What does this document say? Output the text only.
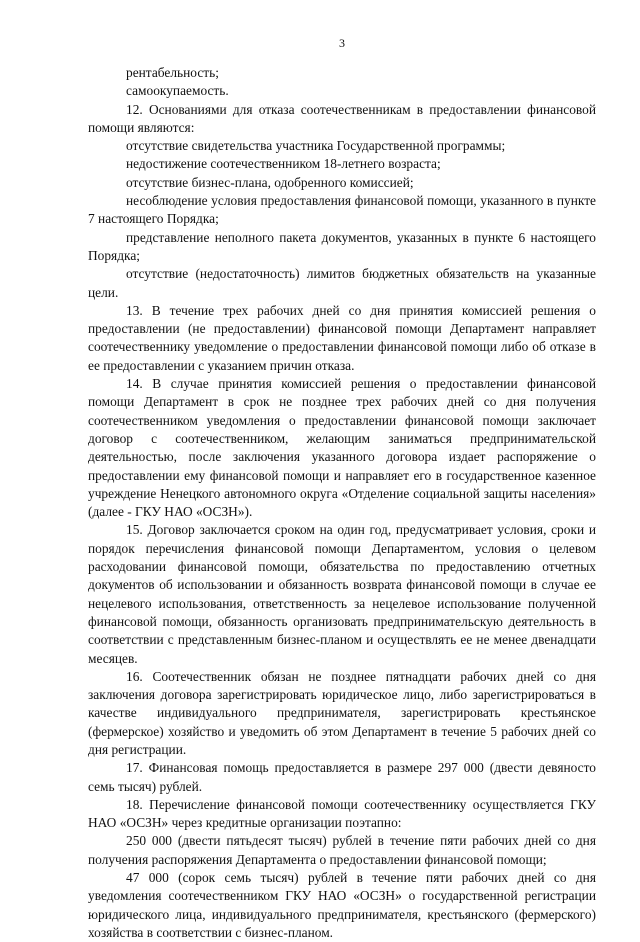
3

рентабельность;

самоокупаемость.

12. Основаниями для отказа соотечественникам в предоставлении финансовой помощи являются:

отсутствие свидетельства участника Государственной программы;

недостижение соотечественником 18-летнего возраста;

отсутствие бизнес-плана, одобренного комиссией;

несоблюдение условия предоставления финансовой помощи, указанного в пункте 7 настоящего Порядка;

представление неполного пакета документов, указанных в пункте 6 настоящего Порядка;

отсутствие (недостаточность) лимитов бюджетных обязательств на указанные цели.

13. В течение трех рабочих дней со дня принятия комиссией решения о предоставлении (не предоставлении) финансовой помощи Департамент направляет соотечественнику уведомление о предоставлении финансовой помощи либо об отказе в ее предоставлении с указанием причин отказа.

14. В случае принятия комиссией решения о предоставлении финансовой помощи Департамент в срок не позднее трех рабочих дней со дня получения соотечественником уведомления о предоставлении финансовой помощи заключает договор с соотечественником, желающим заниматься предпринимательской деятельностью, после заключения указанного договора издает распоряжение о предоставлении ему финансовой помощи и направляет его в государственное казенное учреждение Ненецкого автономного округа «Отделение социальной защиты населения» (далее - ГКУ НАО «ОСЗН»).

15. Договор заключается сроком на один год, предусматривает условия, сроки и порядок перечисления финансовой помощи Департаментом, условия о целевом расходовании финансовой помощи, обязательства по предоставлению отчетных документов об использовании и обязанность возврата финансовой помощи в случае ее нецелевого использования, ответственность за нецелевое использование полученной финансовой помощи, обязанность организовать предпринимательскую деятельность в соответствии с представленным бизнес-планом и осуществлять ее не менее двенадцати месяцев.

16. Соотечественник обязан не позднее пятнадцати рабочих дней со дня заключения договора зарегистрировать юридическое лицо, либо зарегистрироваться в качестве индивидуального предпринимателя, зарегистрировать крестьянское (фермерское) хозяйство и уведомить об этом Департамент в течение 5 рабочих дней со дня регистрации.

17. Финансовая помощь предоставляется в размере 297 000 (двести девяносто семь тысяч) рублей.

18. Перечисление финансовой помощи соотечественнику осуществляется ГКУ НАО «ОСЗН» через кредитные организации поэтапно:

250 000 (двести пятьдесят тысяч) рублей в течение пяти рабочих дней со дня получения распоряжения Департамента о предоставлении финансовой помощи;

47 000 (сорок семь тысяч) рублей в течение пяти рабочих дней со дня уведомления соотечественником ГКУ НАО «ОСЗН» о государственной регистрации юридического лица, индивидуального предпринимателя, крестьянского (фермерского) хозяйства в соответствии с бизнес-планом.
